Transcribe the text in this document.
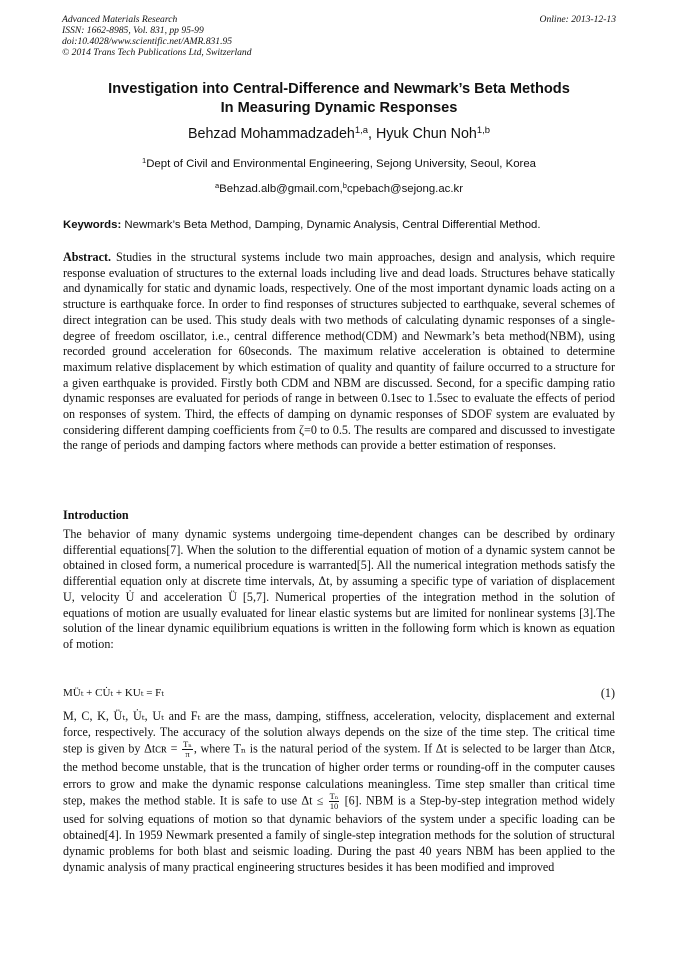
Advanced Materials Research
ISSN: 1662-8985, Vol. 831, pp 95-99
doi:10.4028/www.scientific.net/AMR.831.95
© 2014 Trans Tech Publications Ltd, Switzerland
Online: 2013-12-13
Investigation into Central-Difference and Newmark’s Beta Methods
In Measuring Dynamic Responses
Behzad Mohammadzadeh$^{1,a}$, Hyuk Chun Noh$^{1,b}$
$^1$Dept of Civil and Environmental Engineering, Sejong University, Seoul, Korea
$^a$Behzad.alb@gmail.com,$^b$cpebach@sejong.ac.kr
Keywords: Newmark’s Beta Method, Damping, Dynamic Analysis, Central Differential Method.
Abstract. Studies in the structural systems include two main approaches, design and analysis, which require response evaluation of structures to the external loads including live and dead loads. Structures behave statically and dynamically for static and dynamic loads, respectively. One of the most important dynamic loads acting on a structure is earthquake force. In order to find responses of structures subjected to earthquake, several schemes of direct integration can be used. This study deals with two methods of calculating dynamic responses of a single-degree of freedom oscillator, i.e., central difference method(CDM) and Newmark’s beta method(NBM), using recorded ground acceleration for 60seconds. The maximum relative acceleration is obtained to determine maximum relative displacement by which estimation of quality and quantity of failure occurred to a structure for a given earthquake is provided. Firstly both CDM and NBM are discussed. Second, for a specific damping ratio dynamic responses are evaluated for periods of range in between 0.1sec to 1.5sec to evaluate the effects of period on responses of system. Third, the effects of damping on dynamic responses of SDOF system are evaluated by considering different damping coefficients from ζ=0 to 0.5. The results are compared and discussed to investigate the range of periods and damping factors where methods can provide a better estimation of responses.
Introduction
The behavior of many dynamic systems undergoing time-dependent changes can be described by ordinary differential equations[7]. When the solution to the differential equation of motion of a dynamic system cannot be obtained in closed form, a numerical procedure is warranted[5]. All the numerical integration methods satisfy the differential equation only at discrete time intervals, Δt, by assuming a specific type of variation of displacement U, velocity U̇ and acceleration Ü [5,7]. Numerical properties of the integration method in the solution of equations of motion are usually evaluated for linear elastic systems but are limited for nonlinear systems [3].The solution of the linear dynamic equilibrium equations is written in the following form which is known as equation of motion:
MÜₜ + CU̇ₜ + KUₜ = Fₜ	(1)
M, C, K, Üₜ, U̇ₜ, Uₜ and Fₜ are the mass, damping, stiffness, acceleration, velocity, displacement and external force, respectively. The accuracy of the solution always depends on the size of the time step. The critical time step is given by Δtᴄʀ = $\frac{\text{Tₙ}}{\pi}$ , where Tₙ is the natural period of the system. If Δt is selected to be larger than Δtᴄʀ, the method become unstable, that is the truncation of higher order terms or rounding-off in the computer causes errors to grow and make the dynamic response calculations meaningless. Time step smaller than critical time step, makes the method stable. It is safe to use $\Delta t \le \frac{\text{Tₙ}}{10} [6]$. NBM is a Step-by-step integration method widely used for solving equations of motion so that dynamic behaviors of the system under a specific loading can be obtained[4]. In 1959 Newmark presented a family of single-step integration methods for the solution of structural dynamic problems for both blast and seismic loading. During the past 40 years NBM has been applied to the dynamic analysis of many practical engineering structures besides it has been modified and improved
